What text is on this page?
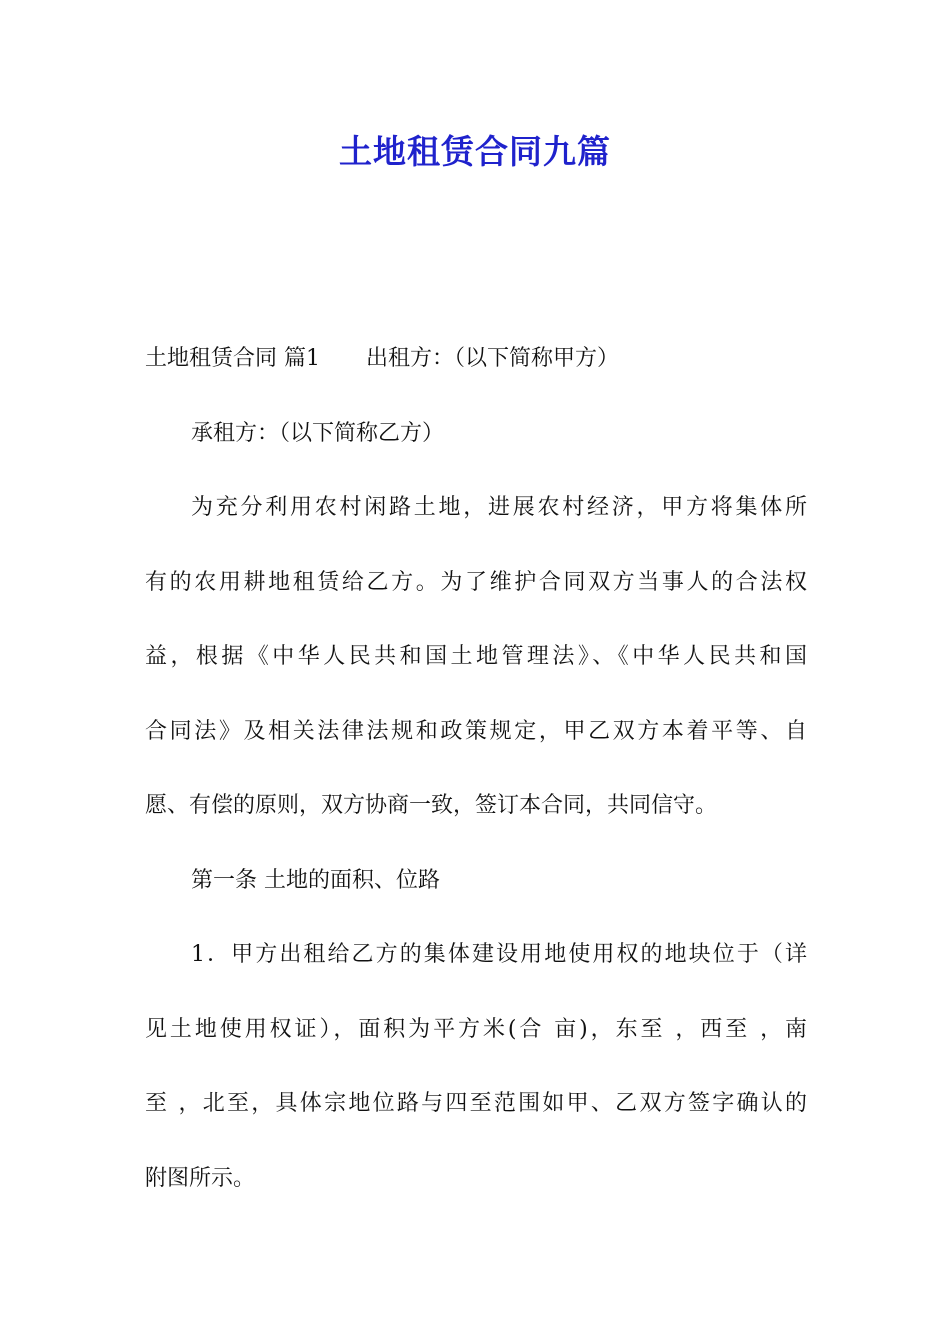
土地租赁合同九篇
土地租赁合同 篇1 出租方：（以下简称甲方）
承租方：（以下简称乙方）
为充分利用农村闲路土地，进展农村经济，甲方将集体所
有的农用耕地租赁给乙方。为了维护合同双方当事人的合法权
益，根据《中华人民共和国土地管理法》、《中华人民共和国
合同法》及相关法律法规和政策规定，甲乙双方本着平等、自
愿、有偿的原则，双方协商一致，签订本合同，共同信守。
第一条 土地的面积、位路
1．甲方出租给乙方的集体建设用地使用权的地块位于（详
见土地使用权证），面积为平方米(合 亩)，东至 ，西至 ，南
至 ，北至，具体宗地位路与四至范围如甲、乙双方签字确认的
附图所示。
